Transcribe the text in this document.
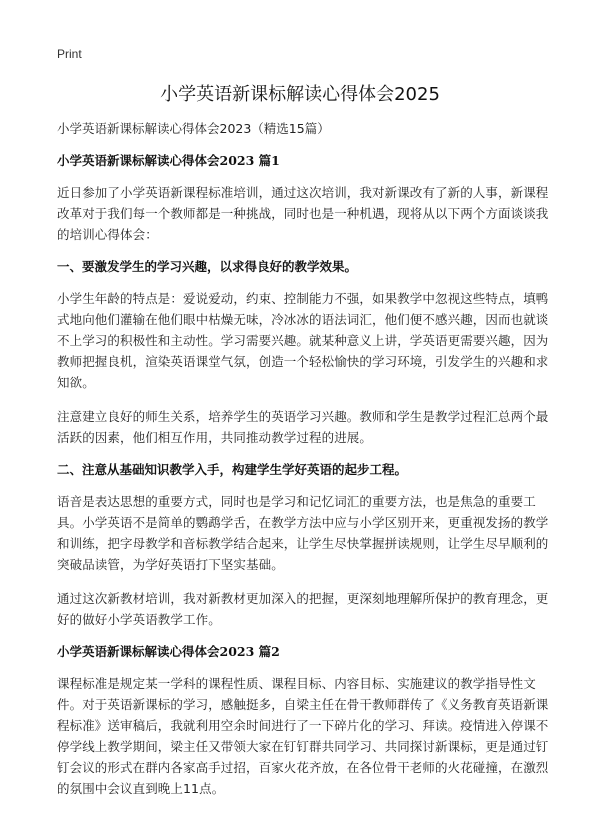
Print
小学英语新课标解读心得体会2025

小学英语新课标解读心得体会2023（精选15篇）

小学英语新课标解读心得体会2023 篇1

近日参加了小学英语新课程标准培训，通过这次培训，我对新课改有了新的人事，新课程改革对于我们每一个教师都是一种挑战，同时也是一种机遇，现将从以下两个方面谈谈我的培训心得体会：

一、要激发学生的学习兴趣，以求得良好的教学效果。

小学生年龄的特点是：爱说爱动，约束、控制能力不强，如果教学中忽视这些特点，填鸭式地向他们灌输在他们眼中枯燥无味，冷冰冰的语法词汇，他们便不感兴趣，因而也就谈不上学习的积极性和主动性。学习需要兴趣。就某种意义上讲，学英语更需要兴趣，因为教师把握良机，渲染英语课堂气氛，创造一个轻松愉快的学习环境，引发学生的兴趣和求知欲。

注意建立良好的师生关系，培养学生的英语学习兴趣。教师和学生是教学过程汇总两个最活跃的因素，他们相互作用，共同推动教学过程的进展。

二、注意从基础知识教学入手，构建学生学好英语的起步工程。

语音是表达思想的重要方式，同时也是学习和记忆词汇的重要方法，也是焦急的重要工具。小学英语不是简单的鹦鹉学舌，在教学方法中应与小学区别开来，更重视发扬的教学和训练，把字母教学和音标教学结合起来，让学生尽快掌握拼读规则，让学生尽早顺利的突破品读管，为学好英语打下坚实基础。

通过这次新教材培训，我对新教材更加深入的把握，更深刻地理解所保护的教育理念，更好的做好小学英语教学工作。

小学英语新课标解读心得体会2023 篇2

课程标准是规定某一学科的课程性质、课程目标、内容目标、实施建议的教学指导性文件。对于英语新课标的学习，感触挺多，自梁主任在骨干教师群传了《义务教育英语新课程标准》送审稿后，我就利用空余时间进行了一下碎片化的学习、拜读。疫情进入停课不停学线上教学期间，梁主任又带领大家在钉钉群共同学习、共同探讨新课标，更是通过钉钉会议的形式在群内各家高手过招，百家火花齐放，在各位骨干老师的火花碰撞，在激烈的氛围中会议直到晚上11点。
